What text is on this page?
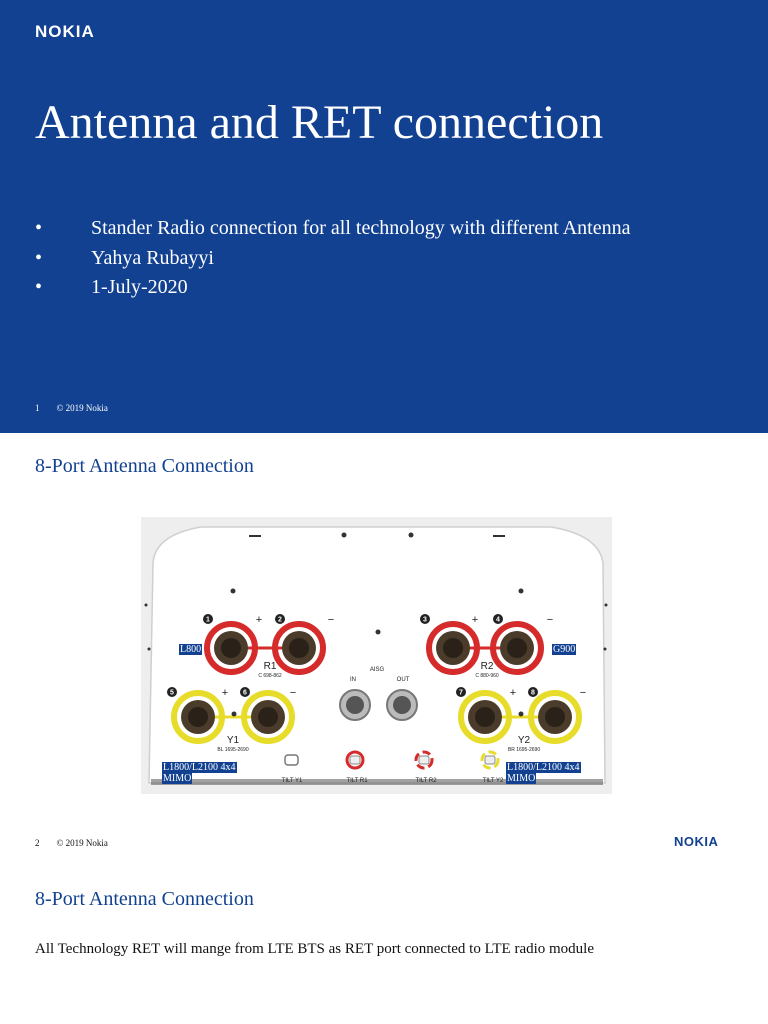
NOKIA
Antenna and RET connection
• Stander Radio connection for all technology with different Antenna
• Yahya Rubayyi
• 1-July-2020
1 © 2019 Nokia
8-Port Antenna Connection
1	2	3	4
5	6	7	8
+	−	+	−
+	−	+	−
R1
C 698-862
R2
C 880-960
Y1
BL 1695-2690
Y2
BR 1695-2690
AISG
IN	OUT
TILT Y1	TILT R1	TILT R2	TILT Y2
L800	G900
L1800/L2100 4x4
MIMO
L1800/L2100 4x4
MIMO
2 © 2019 Nokia	NOKIA
8-Port Antenna Connection
All Technology RET will mange from LTE BTS as RET port connected to LTE radio module
